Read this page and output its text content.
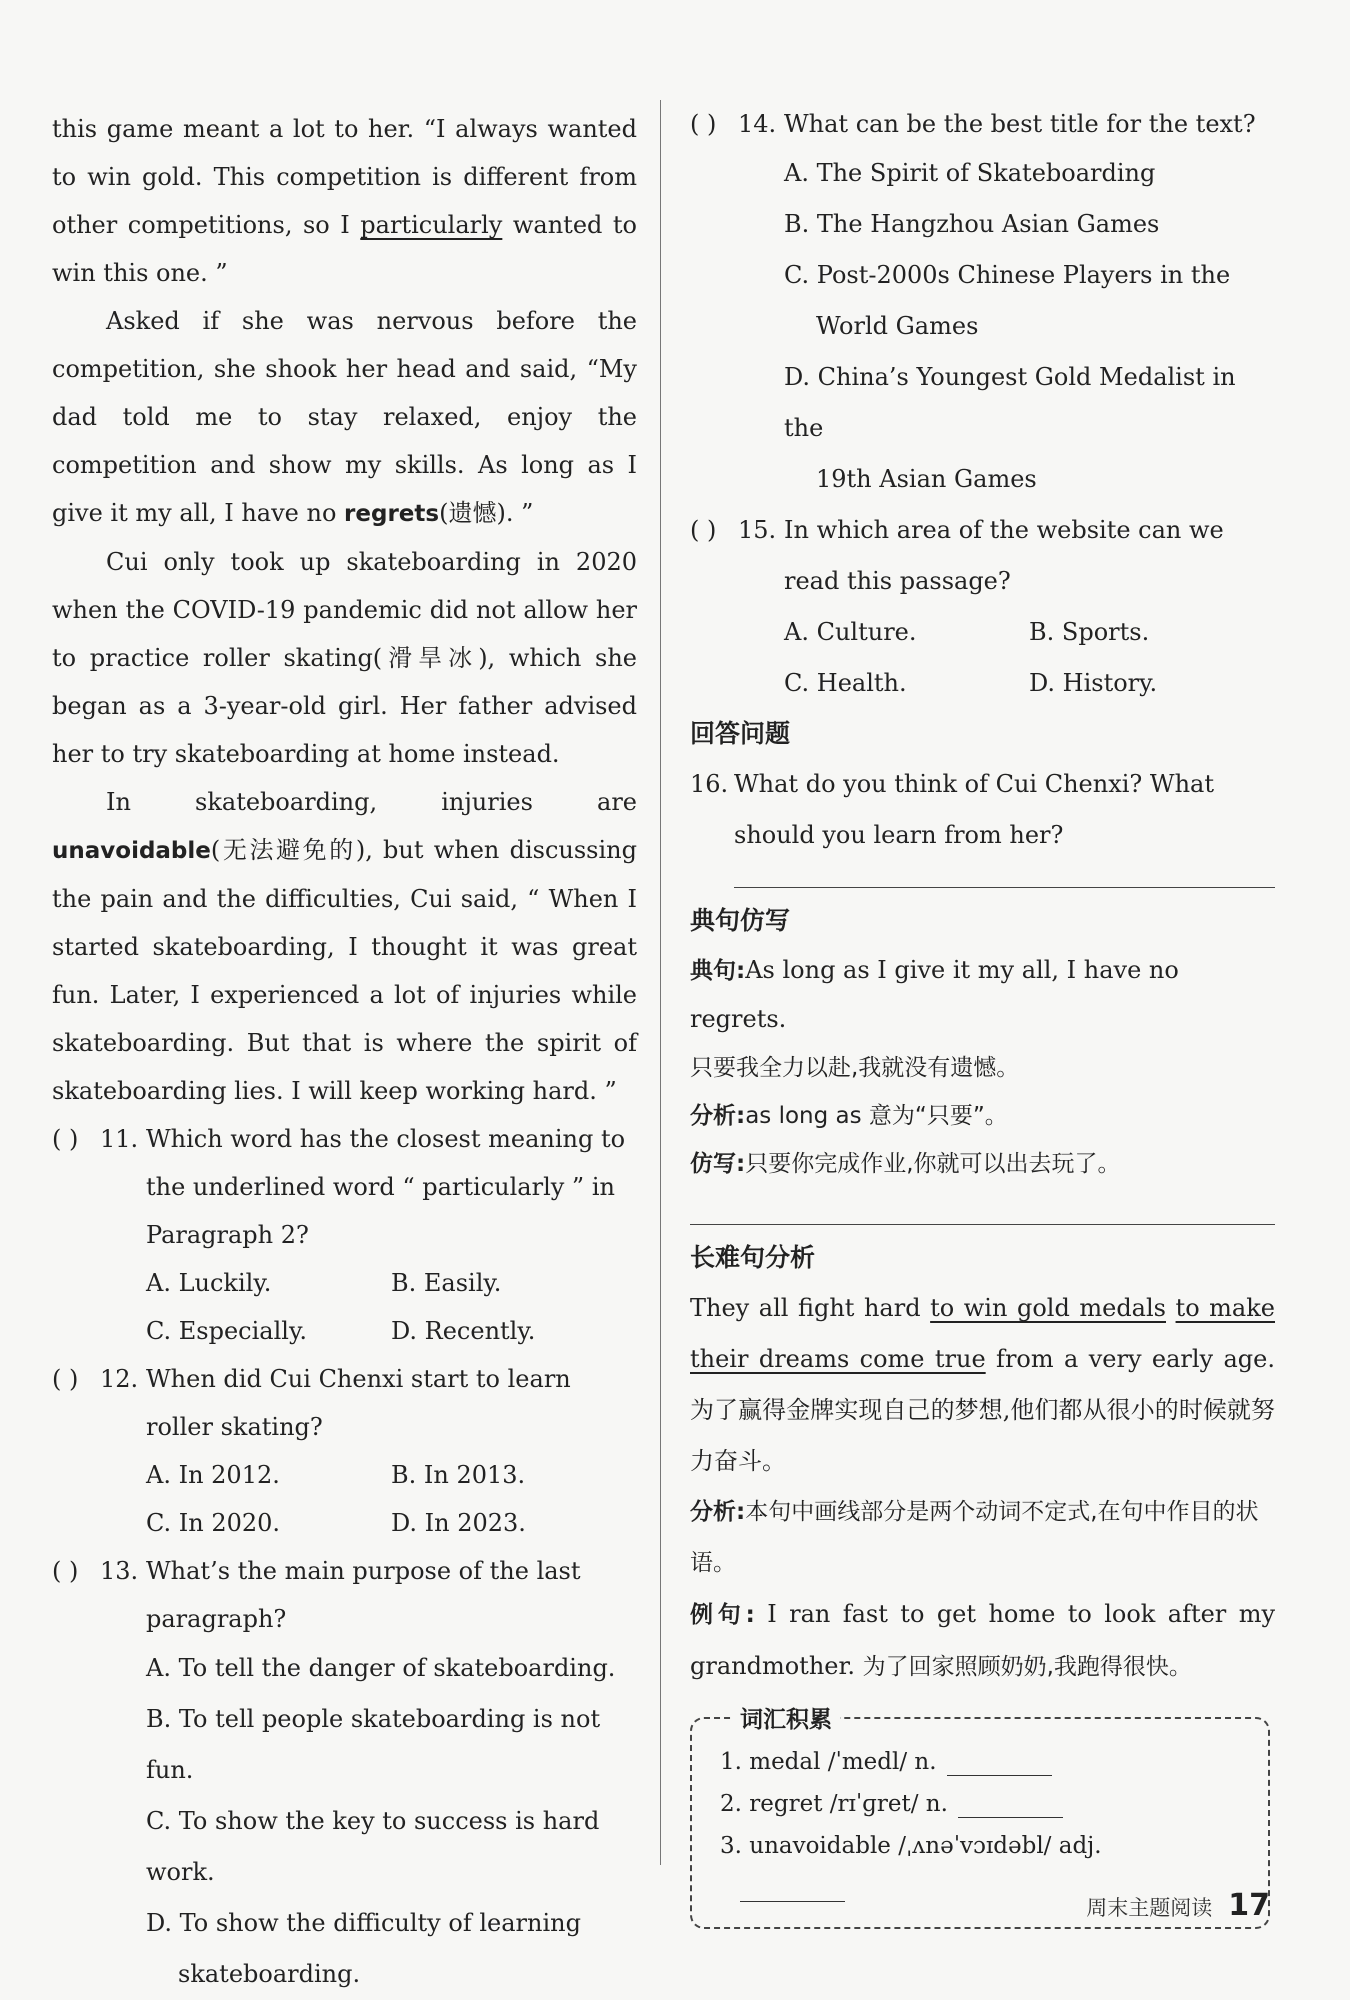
this game meant a lot to her. “I always wanted to win gold. This competition is different from other competitions, so I particularly wanted to win this one. ”

Asked if she was nervous before the competition, she shook her head and said, “My dad told me to stay relaxed, enjoy the competition and show my skills. As long as I give it my all, I have no regrets(遗憾). ”

Cui only took up skateboarding in 2020 when the COVID-19 pandemic did not allow her to practice roller skating(滑旱冰), which she began as a 3-year-old girl. Her father advised her to try skateboarding at home instead.

In skateboarding, injuries are unavoidable(无法避免的), but when discussing the pain and the difficulties, Cui said, “ When I started skateboarding, I thought it was great fun. Later, I experienced a lot of injuries while skateboarding. But that is where the spirit of skateboarding lies. I will keep working hard. ”

( ) 11. Which word has the closest meaning to the underlined word “ particularly ” in Paragraph 2?

A. Luckily.	B. Easily.
C. Especially.	D. Recently.

( ) 12. When did Cui Chenxi start to learn roller skating?

A. In 2012.	B. In 2013.
C. In 2020.	D. In 2023.

( ) 13. What’s the main purpose of the last paragraph?

A. To tell the danger of skateboarding.
B. To tell people skateboarding is not fun.
C. To show the key to success is hard work.
D. To show the difficulty of learning
skateboarding.

( ) 14. What can be the best title for the text?

A. The Spirit of Skateboarding
B. The Hangzhou Asian Games
C. Post-2000s Chinese Players in the
World Games
D. China’s Youngest Gold Medalist in the
19th Asian Games

( ) 15. In which area of the website can we read this passage?

A. Culture.	B. Sports.
C. Health.	D. History.

回答问题

16. What do you think of Cui Chenxi? What should you learn from her?

典句仿写

典句:As long as I give it my all, I have no regrets.

只要我全力以赴,我就没有遗憾。

分析:as long as 意为“只要”。

仿写:只要你完成作业,你就可以出去玩了。

长难句分析

They all fight hard to win gold medals to make their dreams come true from a very early age. 为了赢得金牌实现自己的梦想,他们都从很小的时候就努力奋斗。

分析:本句中画线部分是两个动词不定式,在句中作目的状语。

例句: I ran fast to get home to look after my grandmother. 为了回家照顾奶奶,我跑得很快。

词汇积累
1. medal /ˈmedl/ n.
2. regret /rɪˈɡret/ n.
3. unavoidable /ˌʌnəˈvɔɪdəbl/ adj.
周末主题阅读 17
